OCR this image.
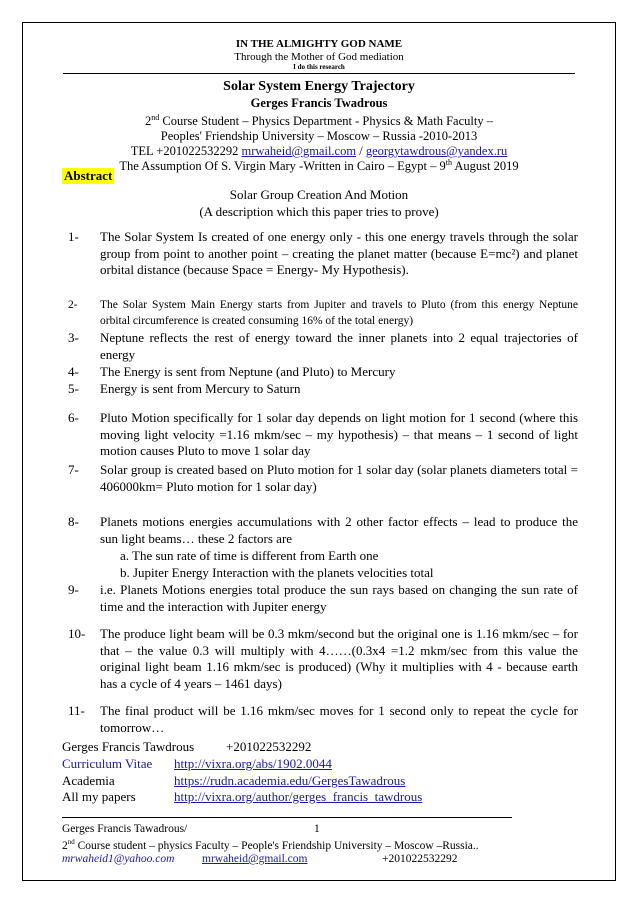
IN THE ALMIGHTY GOD NAME
Through the Mother of God mediation
I do this research
Solar System Energy Trajectory
Gerges Francis Twadrous
2nd Course Student – Physics Department - Physics & Math Faculty –
Peoples' Friendship University – Moscow – Russia -2010-2013
TEL +201022532292 mrwaheid@gmail.com / georgytawdrous@yandex.ru
The Assumption Of S. Virgin Mary -Written in Cairo – Egypt – 9th August 2019
Abstract
Solar Group Creation And Motion
(A description which this paper tries to prove)
1-	The Solar System Is created of one energy only - this one energy travels through the solar group from point to another point – creating the planet matter (because E=mc²) and planet orbital distance (because Space = Energy- My Hypothesis).
2-	The Solar System Main Energy starts from Jupiter and travels to Pluto (from this energy Neptune orbital circumference is created consuming 16% of the total energy)
3-	Neptune reflects the rest of energy toward the inner planets into 2 equal trajectories of energy
4-	The Energy is sent from Neptune (and Pluto) to Mercury
5-	Energy is sent from Mercury to Saturn
6-	Pluto Motion specifically for 1 solar day depends on light motion for 1 second (where this moving light velocity =1.16 mkm/sec – my hypothesis) – that means – 1 second of light motion causes Pluto to move 1 solar day
7-	Solar group is created based on Pluto motion for 1 solar day (solar planets diameters total = 406000km= Pluto motion for 1 solar day)
8-	Planets motions energies accumulations with 2 other factor effects – lead to produce the sun light beams… these 2 factors are
a. The sun rate of time is different from Earth one
b. Jupiter Energy Interaction with the planets velocities total
9-	i.e. Planets Motions energies total produce the sun rays based on changing the sun rate of time and the interaction with Jupiter energy
10-	The produce light beam will be 0.3 mkm/second but the original one is 1.16 mkm/sec – for that – the value 0.3 will multiply with 4……(0.3x4 =1.2 mkm/sec from this value the original light beam 1.16 mkm/sec is produced) (Why it multiplies with 4 - because earth has a cycle of 4 years – 1461 days)
11-	The final product will be 1.16 mkm/sec moves for 1 second only to repeat the cycle for tomorrow…
Gerges Francis Tawdrous +201022532292
Curriculum Vitae http://vixra.org/abs/1902.0044
Academia	https://rudn.academia.edu/GergesTawadrous
All my papers	http://vixra.org/author/gerges_francis_tawdrous
Gerges Francis Tawadrous/	1
2nd Course student – physics Faculty – People's Friendship University – Moscow –Russia..
mrwaheid1@yahoo.com mrwaheid@gmail.com	+201022532292
